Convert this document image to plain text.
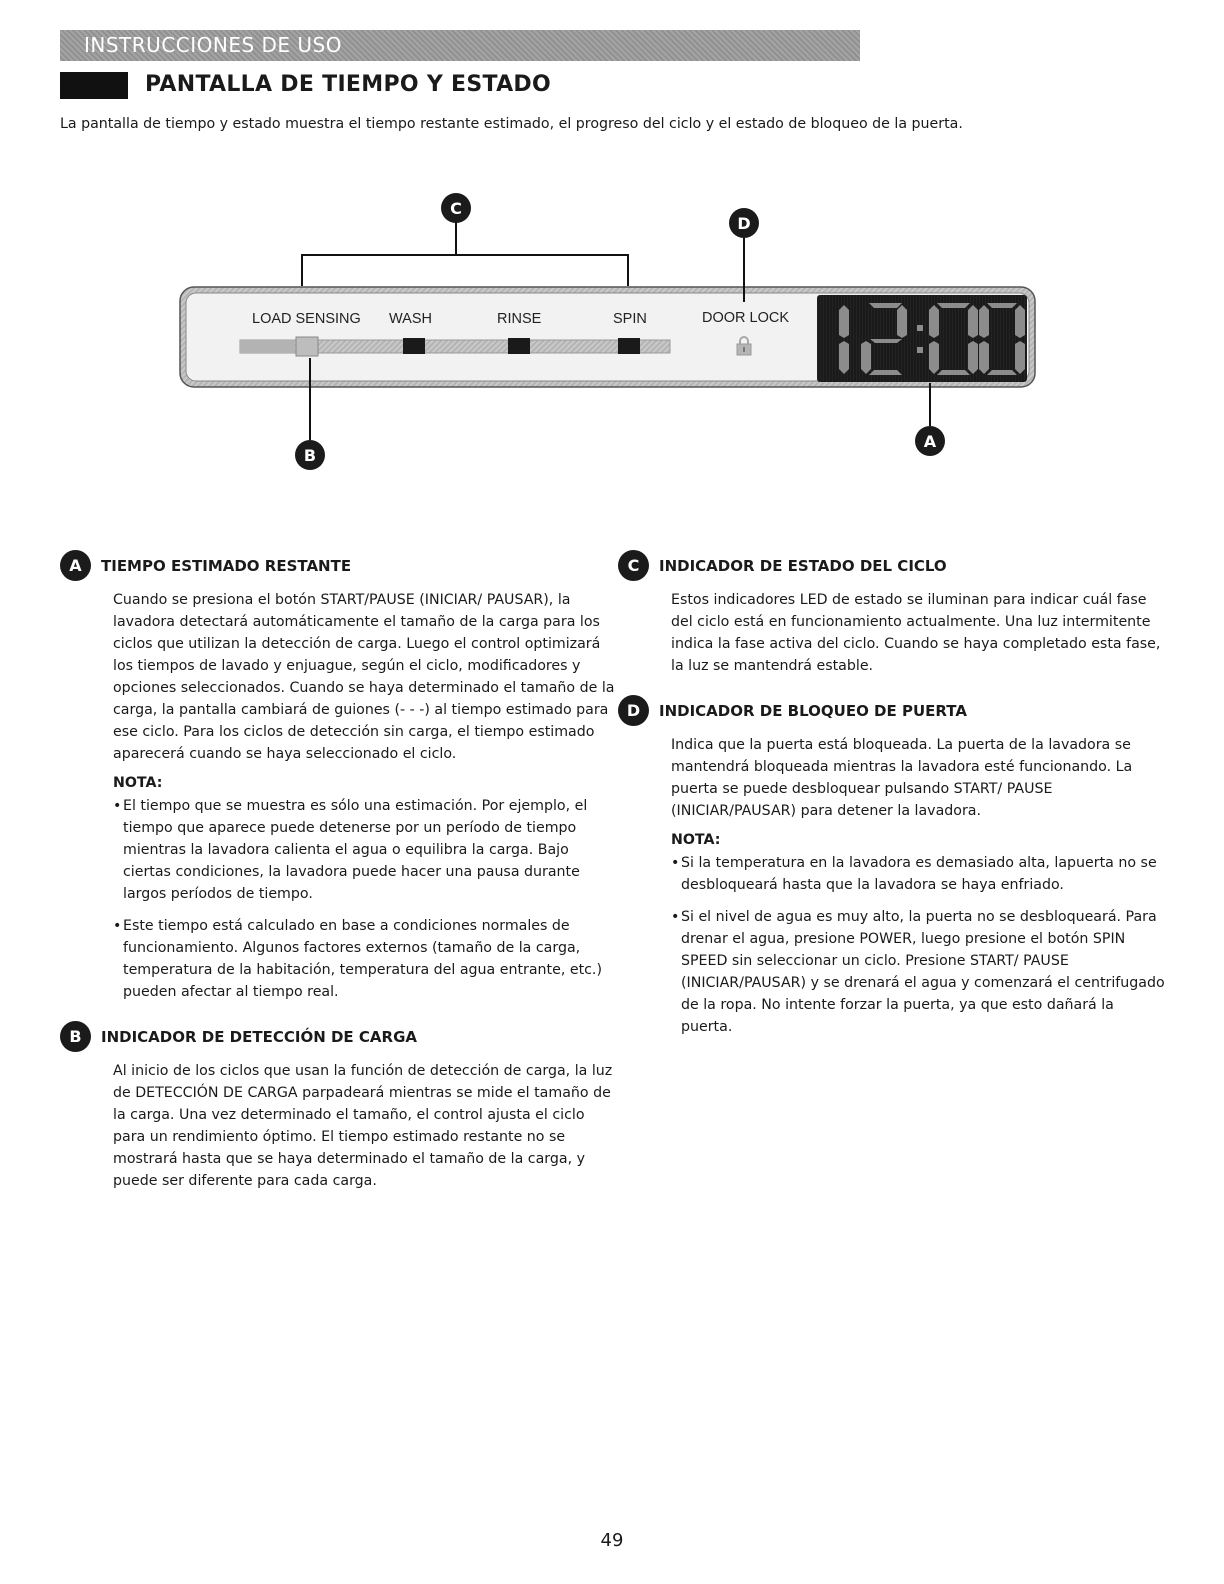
INSTRUCCIONES DE USO
PANTALLA DE TIEMPO Y ESTADO
La pantalla de tiempo y estado muestra el tiempo restante estimado, el progreso del ciclo y el estado de bloqueo de la puerta.
C
D
B
A
LOAD SENSING WASH	RINSE	SPIN	DOOR LOCK
12:00
A	TIEMPO ESTIMADO RESTANTE
Cuando se presiona el botón START/PAUSE (INICIAR/ PAUSAR), la lavadora detectará automáticamente el tamaño de la carga para los ciclos que utilizan la detección de carga. Luego el control optimizará los tiempos de lavado y enjuague, según el ciclo, modificadores y opciones seleccionados. Cuando se haya determinado el tamaño de la carga, la pantalla cambiará de guiones (- - -) al tiempo estimado para ese ciclo. Para los ciclos de detección sin carga, el tiempo estimado aparecerá cuando se haya seleccionado el ciclo.
NOTA:
• El tiempo que se muestra es sólo una estimación. Por ejemplo, el tiempo que aparece puede detenerse por un período de tiempo mientras la lavadora calienta el agua o equilibra la carga. Bajo ciertas condiciones, la lavadora puede hacer una pausa durante largos períodos de tiempo.
• Este tiempo está calculado en base a condiciones normales de funcionamiento. Algunos factores externos (tamaño de la carga, temperatura de la habitación, temperatura del agua entrante, etc.) pueden afectar al tiempo real.
B	INDICADOR DE DETECCIÓN DE CARGA
Al inicio de los ciclos que usan la función de detección de carga, la luz de DETECCIÓN DE CARGA parpadeará mientras se mide el tamaño de la carga. Una vez determinado el tamaño, el control ajusta el ciclo para un rendimiento óptimo. El tiempo estimado restante no se mostrará hasta que se haya determinado el tamaño de la carga, y puede ser diferente para cada carga.
C	INDICADOR DE ESTADO DEL CICLO
Estos indicadores LED de estado se iluminan para indicar cuál fase del ciclo está en funcionamiento actualmente. Una luz intermitente indica la fase activa del ciclo. Cuando se haya completado esta fase, la luz se mantendrá estable.
D	INDICADOR DE BLOQUEO DE PUERTA
Indica que la puerta está bloqueada. La puerta de la lavadora se mantendrá bloqueada mientras la lavadora esté funcionando. La puerta se puede desbloquear pulsando START/ PAUSE (INICIAR/PAUSAR) para detener la lavadora.
NOTA:
• Si la temperatura en la lavadora es demasiado alta, lapuerta no se desbloqueará hasta que la lavadora se haya enfriado.
• Si el nivel de agua es muy alto, la puerta no se desbloqueará. Para drenar el agua, presione POWER, luego presione el botón SPIN SPEED sin seleccionar un ciclo. Presione START/ PAUSE (INICIAR/PAUSAR) y se drenará el agua y comenzará el centrifugado de la ropa. No intente forzar la puerta, ya que esto dañará la puerta.
49
